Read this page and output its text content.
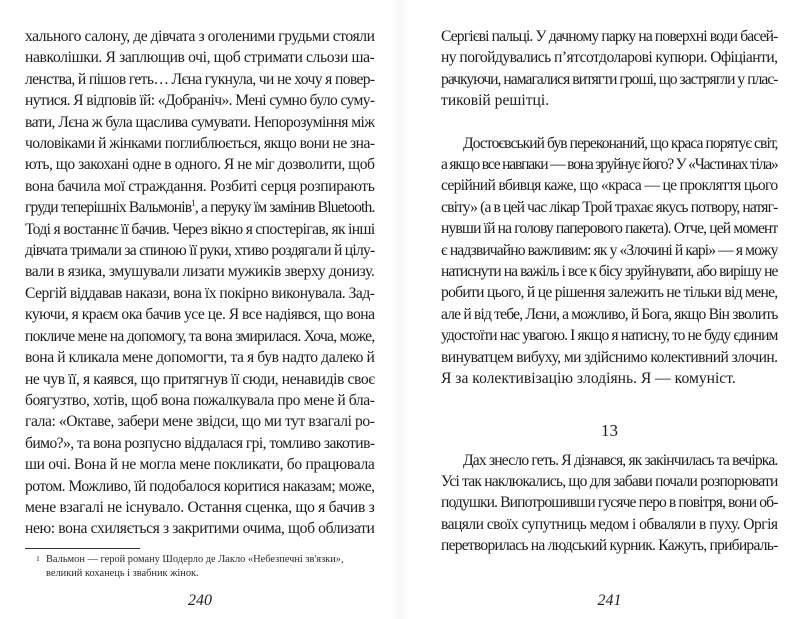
хального салону, де дівчата з оголеними грудьми стояли
навколішки. Я заплющив очі, щоб стримати сльози ша-
ленства, й пішов геть… Лєна гукнула, чи не хочу я повер-
нутися. Я відповів їй: «Добраніч». Мені сумно було суму-
вати, Лєна ж була щаслива сумувати. Непорозуміння між
чоловіками й жінками поглиблюється, якщо вони не зна-
ють, що закохані одне в одного. Я не міг дозволити, щоб
вона бачила мої страждання. Розбиті серця розпирають
груди теперішніх Вальмонів$^1$, а перуку їм замінив Bluetooth.
Тоді я востаннє її бачив. Через вікно я спостерігав, як інші
дівчата тримали за спиною її руки, хтиво роздягали й цілу-
вали в язика, змушували лизати мужиків зверху донизу.
Сергій віддавав накази, вона їх покірно виконувала. Зад-
куючи, я краєм ока бачив усе це. Я все надіявся, що вона
покличе мене на допомогу, та вона змирилася. Хоча, може,
вона й кликала мене допомогти, та я був надто далеко й
не чув її, я каявся, що притягнув її сюди, ненавидів своє
боягузтво, хотів, щоб вона пожалкувала про мене й бла-
гала: «Октаве, забери мене звідси, що ми тут взагалі ро-
бимо?», та вона розпусно віддалася грі, томливо закотив-
ши очі. Вона й не могла мене покликати, бо працювала
ротом. Можливо, їй подобалося коритися наказам; може,
мене взагалі не існувало. Остання сценка, що я бачив з
нею: вона схиляється з закритими очима, щоб облизати
1 Вальмон — герой роману Шодерло де Лакло «Небезпечні зв'язки», великий коханець і звабник жінок.
240
Сергієві пальці. У дачному парку на поверхні води басей-
ну погойдувались п’ятсотдоларові купюри. Офіціанти,
рачкуючи, намагалися витягти гроші, що застрягли у плас-
тиковій решітці.
Достоєвський був переконаний, що краса порятує світ,
а якщо все навпаки — вона зруйнує його? У «Частинах тіла»
серійний вбивця каже, що «краса — це прокляття цього
світу» (а в цей час лікар Трой трахає якусь потвору, натяг-
нувши їй на голову паперового пакета). Отче, цей момент
є надзвичайно важливим: як у «Злочині й карі» — я можу
натиснути на важіль і все к бісу зруйнувати, або вирішу не
робити цього, й це рішення залежить не тільки від мене,
але й від тебе, Лєни, а можливо, й Бога, якщо Він зволить
удостоїти нас увагою. І якщо я натисну, то не буду єдиним
винуватцем вибуху, ми здійснимо колективний злочин.
Я за колективізацію злодіянь. Я — комуніст.
13
Дах знесло геть. Я дізнався, як закінчилась та вечірка.
Усі так наклюкались, що для забави почали розпорювати
подушки. Випотрошивши гусяче перо в повітря, вони об-
вацяли своїх супутниць медом і обваляли в пуху. Оргія
перетворилась на людський курник. Кажуть, прибираль-
241
